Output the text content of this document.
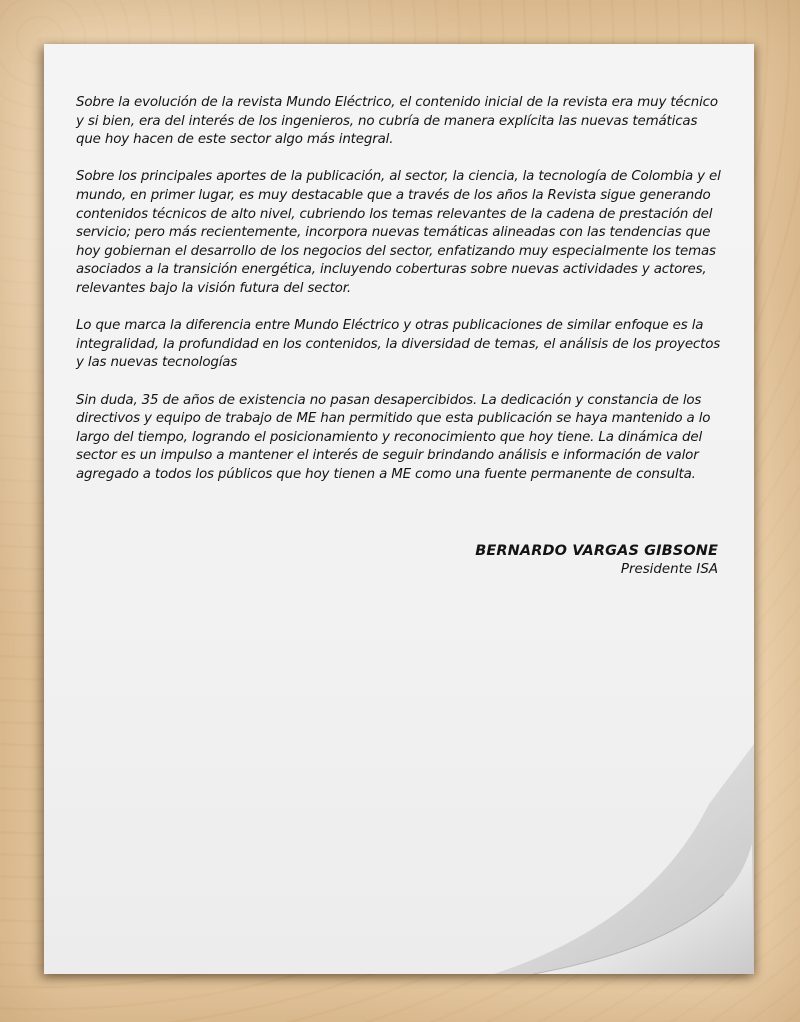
Sobre la evolución de la revista Mundo Eléctrico, el contenido inicial de la revista era muy técnico y si bien, era del interés de los ingenieros, no cubría de manera explícita las nuevas temáticas que hoy hacen de este sector algo más integral.

Sobre los principales aportes de la publicación, al sector, la ciencia, la tecnología de Colombia y el mundo, en primer lugar, es muy destacable que a través de los años la Revista sigue generando contenidos técnicos de alto nivel, cubriendo los temas relevantes de la cadena de prestación del servicio; pero más recientemente, incorpora nuevas temáticas alineadas con las tendencias que hoy gobiernan el desarrollo de los negocios del sector, enfatizando muy especialmente los temas asociados a la transición energética, incluyendo coberturas sobre nuevas actividades y actores, relevantes bajo la visión futura del sector.

Lo que marca la diferencia entre Mundo Eléctrico y otras publicaciones de similar enfoque es la integralidad, la profundidad en los contenidos, la diversidad de temas, el análisis de los proyectos y las nuevas tecnologías

Sin duda, 35 de años de existencia no pasan desapercibidos. La dedicación y constancia de los directivos y equipo de trabajo de ME han permitido que esta publicación se haya mantenido a lo largo del tiempo, logrando el posicionamiento y reconocimiento que hoy tiene. La dinámica del sector es un impulso a mantener el interés de seguir brindando análisis e información de valor agregado a todos los públicos que hoy tienen a ME como una fuente permanente de consulta.

BERNARDO VARGAS GIBSONE
Presidente ISA
